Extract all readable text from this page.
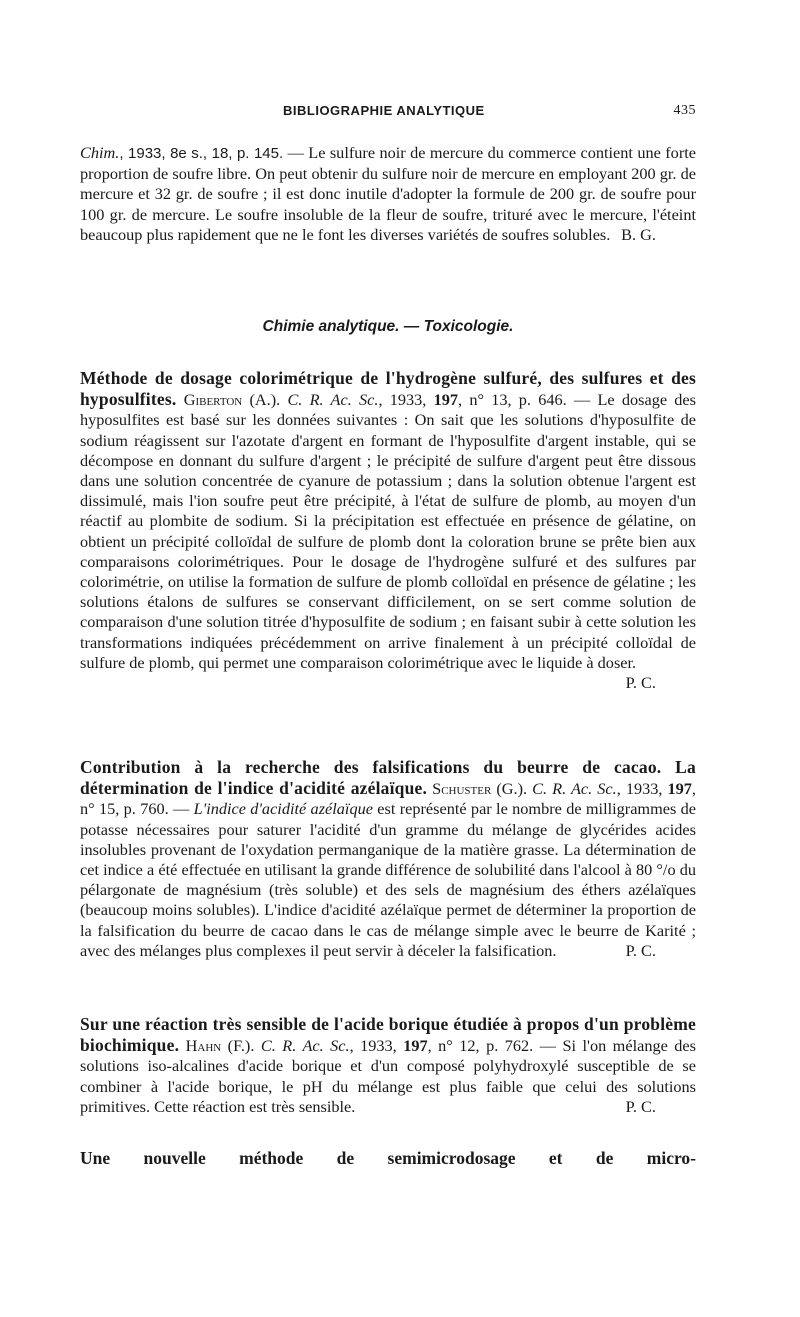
BIBLIOGRAPHIE ANALYTIQUE	435
Chim., 1933, 8e s., 18, p. 145. — Le sulfure noir de mercure du commerce contient une forte proportion de soufre libre. On peut obtenir du sulfure noir de mercure en employant 200 gr. de mercure et 32 gr. de soufre ; il est donc inutile d'adopter la formule de 200 gr. de soufre pour 100 gr. de mercure. Le soufre insoluble de la fleur de soufre, trituré avec le mercure, l'éteint beaucoup plus rapidement que ne le font les diverses variétés de soufres solubles. B. G.
Chimie analytique. — Toxicologie.
Méthode de dosage colorimétrique de l'hydrogène sulfuré, des sulfures et des hyposulfites. Giberton (A.). C. R. Ac. Sc., 1933, 197, n° 13, p. 646. — Le dosage des hyposulfites est basé sur les données suivantes : On sait que les solutions d'hyposulfite de sodium réagissent sur l'azotate d'argent en formant de l'hyposulfite d'argent instable, qui se décompose en donnant du sulfure d'argent ; le précipité de sulfure d'argent peut être dissous dans une solution concentrée de cyanure de potassium ; dans la solution obtenue l'argent est dissimulé, mais l'ion soufre peut être précipité, à l'état de sulfure de plomb, au moyen d'un réactif au plombite de sodium. Si la précipitation est effectuée en présence de gélatine, on obtient un précipité colloïdal de sulfure de plomb dont la coloration brune se prête bien aux comparaisons colorimétriques. Pour le dosage de l'hydrogène sulfuré et des sulfures par colorimétrie, on utilise la formation de sulfure de plomb colloïdal en présence de gélatine ; les solutions étalons de sulfures se conservant difficilement, on se sert comme solution de comparaison d'une solution titrée d'hyposulfite de sodium ; en faisant subir à cette solution les transformations indiquées précédemment on arrive finalement à un précipité colloïdal de sulfure de plomb, qui permet une comparaison colorimétrique avec le liquide à doser.
P. C.
Contribution à la recherche des falsifications du beurre de cacao. La détermination de l'indice d'acidité azélaïque. Schuster (G.). C. R. Ac. Sc., 1933, 197, n° 15, p. 760. — L'indice d'acidité azélaïque est représenté par le nombre de milligrammes de potasse nécessaires pour saturer l'acidité d'un gramme du mélange de glycérides acides insolubles provenant de l'oxydation permanganique de la matière grasse. La détermination de cet indice a été effectuée en utilisant la grande différence de solubilité dans l'alcool à 80 °/o du pélargonate de magnésium (très soluble) et des sels de magnésium des éthers azélaïques (beaucoup moins solubles). L'indice d'acidité azélaïque permet de déterminer la proportion de la falsification du beurre de cacao dans le cas de mélange simple avec le beurre de Karité ; avec des mélanges plus complexes il peut servir à déceler la falsification.	P. C.
Sur une réaction très sensible de l'acide borique étudiée à propos d'un problème biochimique. Hahn (F.). C. R. Ac. Sc., 1933, 197, n° 12, p. 762. — Si l'on mélange des solutions iso-alcalines d'acide borique et d'un composé polyhydroxylé susceptible de se combiner à l'acide borique, le pH du mélange est plus faible que celui des solutions primitives. Cette réaction est très sensible.	P. C.
Une nouvelle méthode de semimicrodosage et de micro-
